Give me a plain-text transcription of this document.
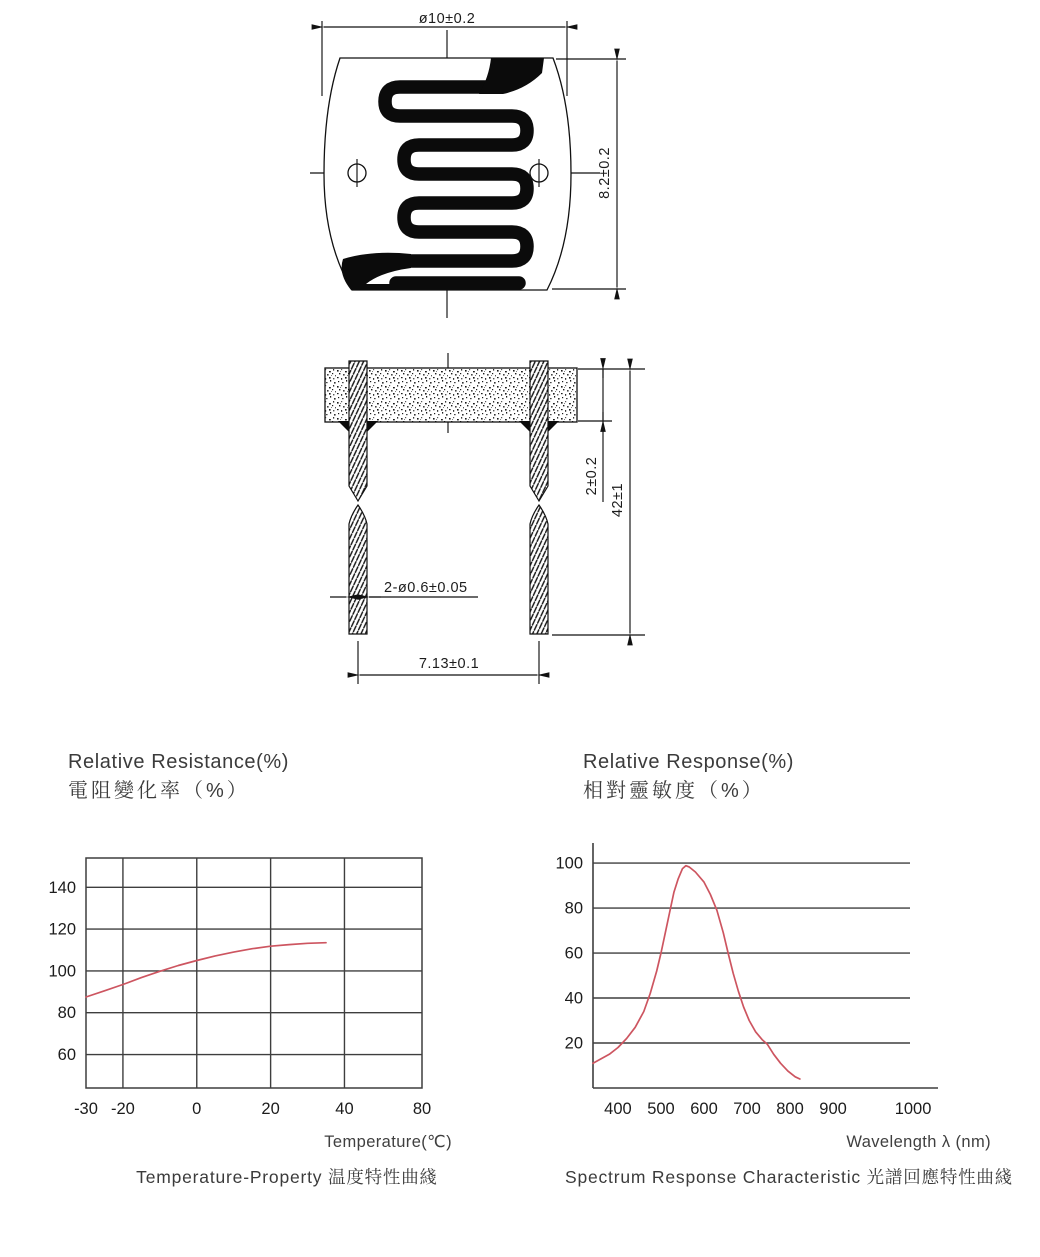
ø10±0.2
8.2±0.2
2±0.2
42±1
2-ø0.6±0.05
7.13±0.1
Relative Resistance(%)
電阻變化率（%）
Relative Response(%)
相對靈敏度（%）
140
120
100
80
60
-30 -20	0	20	40	80
100
80
60
40
20
400 500 600 700 800 900	1000
Temperature(℃)	Wavelength λ (nm)
Temperature-Property 温度特性曲綫	Spectrum Response Characteristic 光譜回應特性曲綫
